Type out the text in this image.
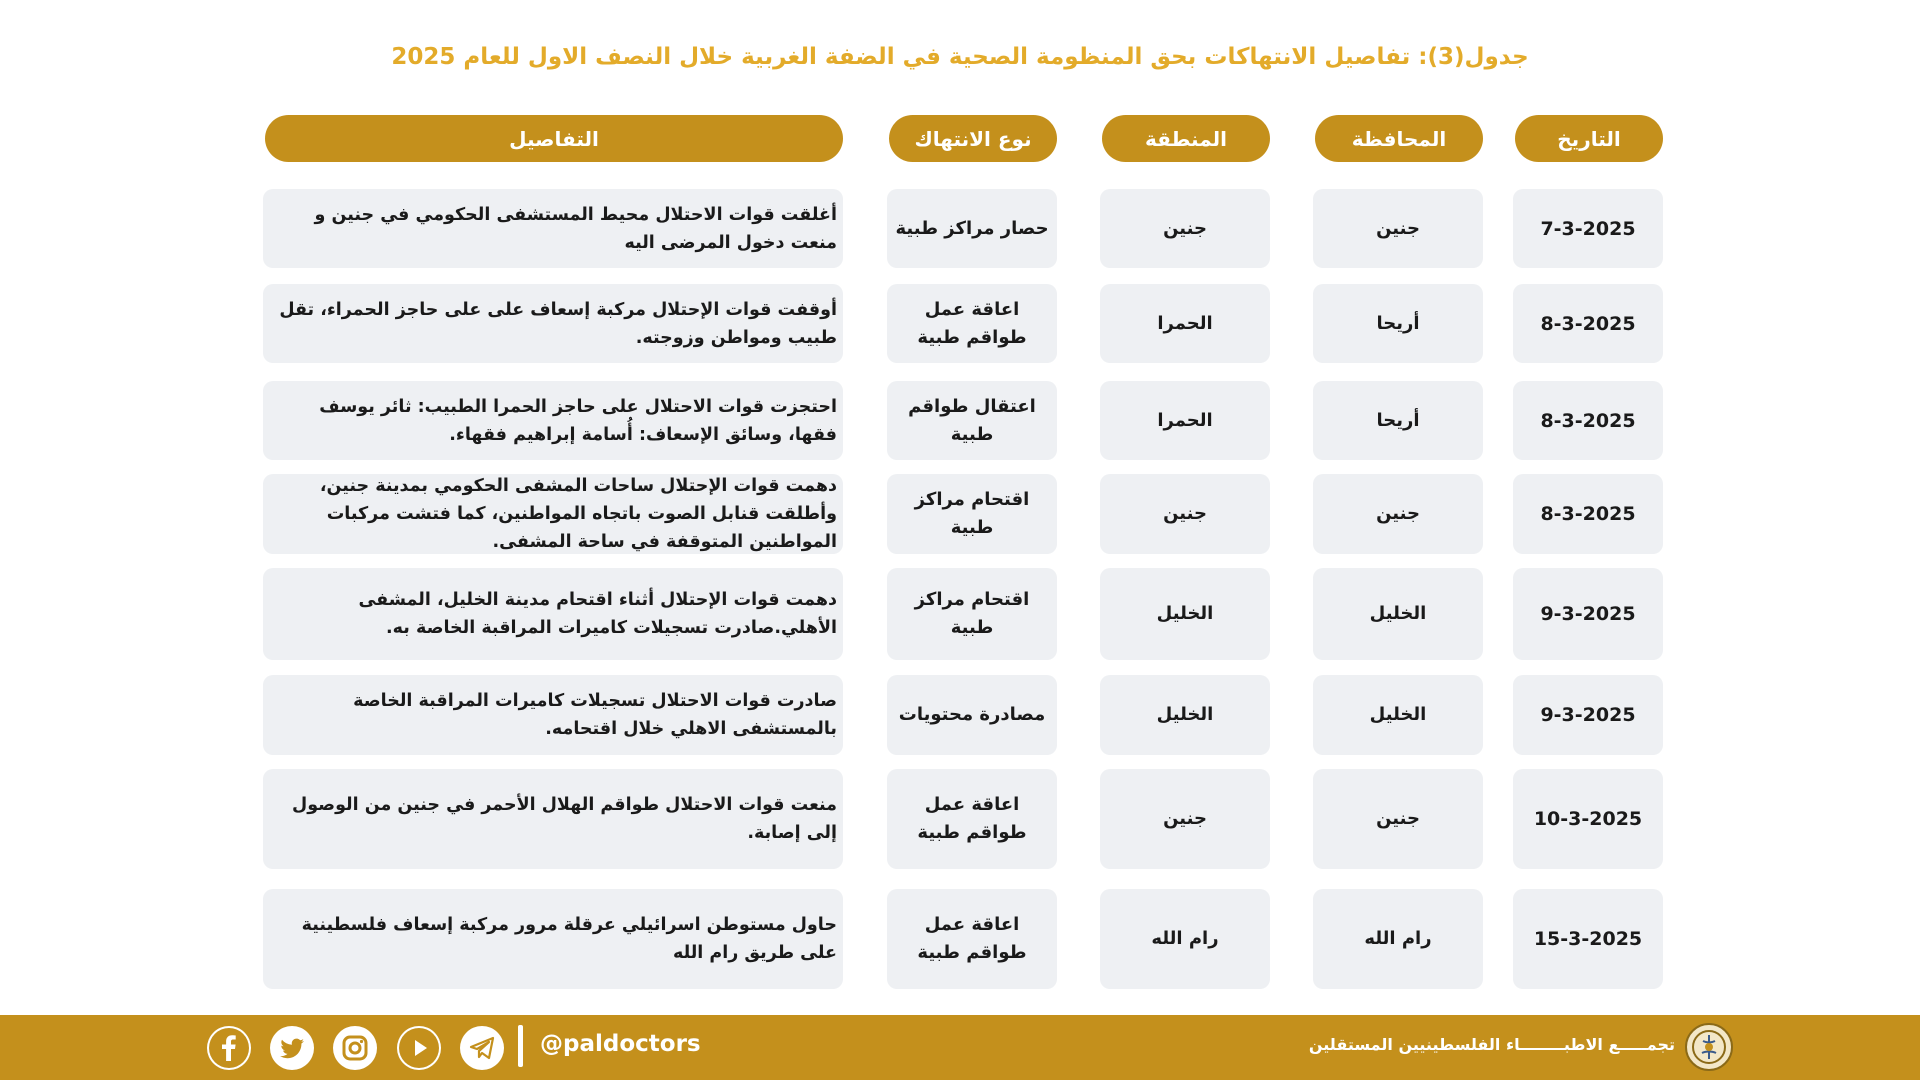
جدول(3): تفاصيل الانتهاكات بحق المنظومة الصحية في الضفة الغربية خلال النصف الاول للعام 2025
التاريخ
المحافظة
المنطقة
نوع الانتهاك
التفاصيل
7-3-2025
جنين
جنين
حصار مراكز طبية
أغلقت قوات الاحتلال محيط المستشفى الحكومي في جنين و منعت دخول المرضى اليه
8-3-2025
أريحا
الحمرا
اعاقة عمل طواقم طبية
أوقفت قوات الإحتلال مركبة إسعاف على على حاجز الحمراء، تقل طبيب ومواطن وزوجته.
8-3-2025
أريحا
الحمرا
اعتقال طواقم طبية
احتجزت قوات الاحتلال على حاجز الحمرا الطبيب: ثائر يوسف فقها، وسائق الإسعاف: أُسامة إبراهيم فقهاء.
8-3-2025
جنين
جنين
اقتحام مراكز طبية
دهمت قوات الإحتلال ساحات المشفى الحكومي بمدينة جنين، وأطلقت قنابل الصوت باتجاه المواطنين، كما فتشت مركبات المواطنين المتوقفة في ساحة المشفى.
9-3-2025
الخليل
الخليل
اقتحام مراكز طبية
دهمت قوات الإحتلال أثناء اقتحام مدينة الخليل، المشفى الأهلي.صادرت تسجيلات كاميرات المراقبة الخاصة به.
9-3-2025
الخليل
الخليل
مصادرة محتويات
صادرت قوات الاحتلال تسجيلات كاميرات المراقبة الخاصة بالمستشفى الاهلي خلال اقتحامه.
10-3-2025
جنين
جنين
اعاقة عمل طواقم طبية
منعت قوات الاحتلال طواقم الهلال الأحمر في جنين من الوصول إلى إصابة.
15-3-2025
رام الله
رام الله
اعاقة عمل طواقم طبية
حاول مستوطن اسرائيلي عرقلة مرور مركبة إسعاف فلسطينية على طريق رام الله
@paldoctors	تجمـــــع الاطبــــــــاء الفلسطينيين المستقلين
